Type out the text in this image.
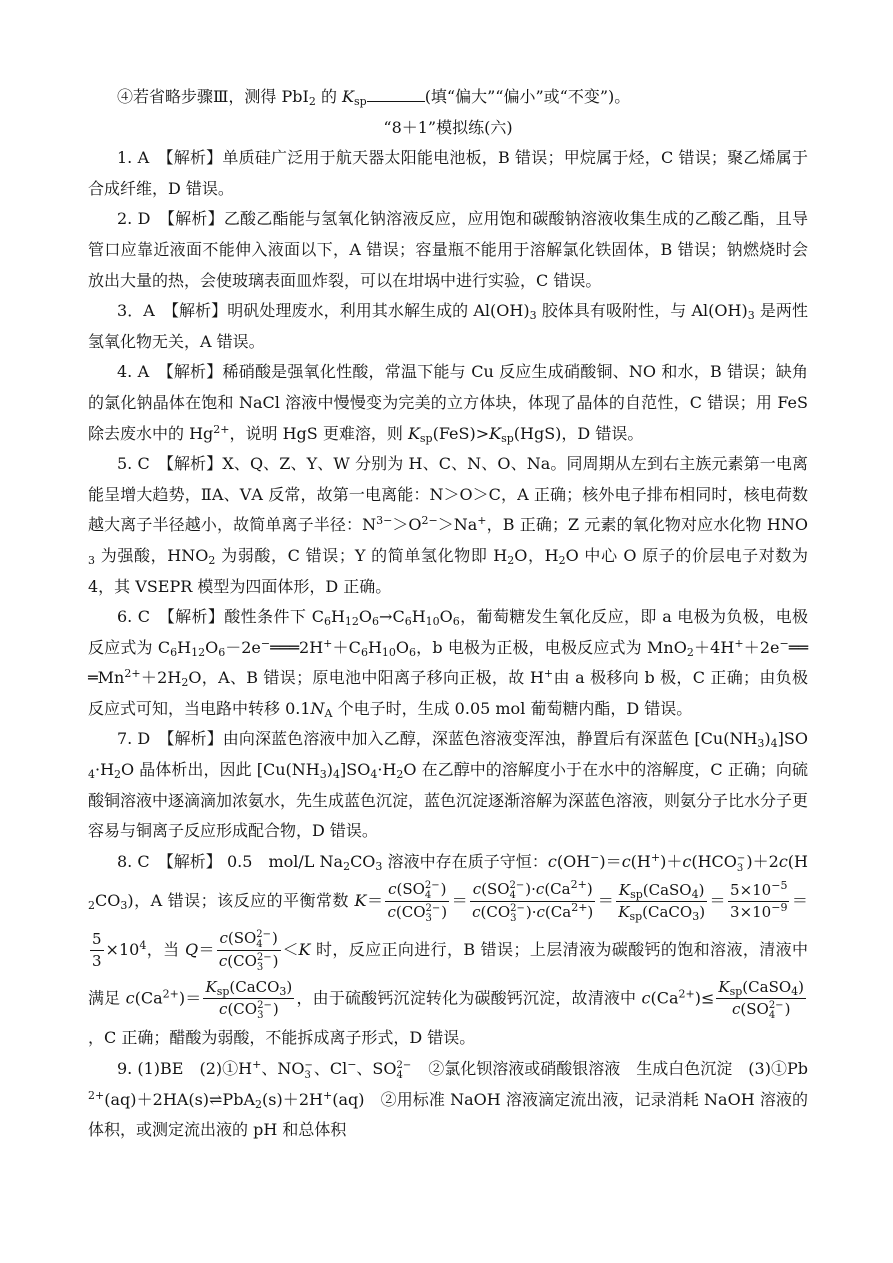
④若省略步骤Ⅲ，测得 PbI$_2$ 的 $K_{sp}$	(填“偏大”“偏小”或“不变”)。

“8＋1”模拟练(六)

1. A　【解析】单质硅广泛用于航天器太阳能电池板，B 错误；甲烷属于烃，C 错误；聚乙烯属于合成纤维，D 错误。

2. D　【解析】乙酸乙酯能与氢氧化钠溶液反应，应用饱和碳酸钠溶液收集生成的乙酸乙酯，且导管口应靠近液面不能伸入液面以下，A 错误；容量瓶不能用于溶解氯化铁固体，B 错误；钠燃烧时会放出大量的热，会使玻璃表面皿炸裂，可以在坩埚中进行实验，C 错误。

3．A　【解析】明矾处理废水，利用其水解生成的 $Al(OH)_3$ 胶体具有吸附性，与 $Al(OH)_3$ 是两性氢氧化物无关，A 错误。

4. A　【解析】稀硝酸是强氧化性酸，常温下能与 Cu 反应生成硝酸铜、NO 和水，B 错误；缺角的氯化钠晶体在饱和 NaCl 溶液中慢慢变为完美的立方体块，体现了晶体的自范性，C 错误；用 FeS 除去废水中的 $Hg^{2+}$，说明 HgS 更难溶，则 $K_{sp}(FeS)>K_{sp}(HgS)$，D 错误。

5. C　【解析】X、Q、Z、Y、W 分别为 H、C、N、O、Na。同周期从左到右主族元素第一电离能呈增大趋势，ⅡA、ⅤA 反常，故第一电离能：N＞O＞C，A 正确；核外电子排布相同时，核电荷数越大离子半径越小，故简单离子半径：$N^{3-}>O^{2-}>Na^+$，B 正确；Z 元素的氧化物对应水化物 $HNO_3$ 为强酸，$HNO_2$ 为弱酸，C 错误；Y 的简单氢化物即 $H_2O$，$H_2O$ 中心 O 原子的价层电子对数为 4，其 VSEPR 模型为四面体形，D 正确。

6. C　【解析】酸性条件下 $C_6H_{12}O_6\to C_6H_{10}O_6$，葡萄糖发生氧化反应，即 a 电极为负极，电极反应式为 $C_6H_{12}O_6-2e^-═══2H^++C_6H_{10}O_6$，b 电极为正极，电极反应式为 $MnO_2+4H^++2e^-═══Mn^{2+}+2H_2O$，A、B 错误；原电池中阳离子移向正极，故 H+由 a 极移向 b 极，C 正确；由负极反应式可知，当电路中转移 $0.1N_A$ 个电子时，生成 0.05 mol 葡萄糖内酯，D 错误。

7. D　【解析】由向深蓝色溶液中加入乙醇，深蓝色溶液变浑浊，静置后有深蓝色 $[Cu(NH_3)_4]SO_4\cdot H_2O$ 晶体析出，因此 $[Cu(NH_3)_4]SO_4\cdot H_2O$ 在乙醇中的溶解度小于在水中的溶解度，C 正确；向硫酸铜溶液中逐滴滴加浓氨水，先生成蓝色沉淀，蓝色沉淀逐渐溶解为深蓝色溶液，则氨分子比水分子更容易与铜离子反应形成配合物，D 错误。

8. C　【解析】 0.5　mol/L $Na_2CO_3$ 溶液中存在质子守恒：c(OH−)＝c(H+)＋c(HCO −
3 )$+2c(H_2CO_3)$，A 错误；该反应的平衡常数 K＝ c(SO 2−
4 )
c(CO 2−
3 ) ＝ c(SO 2−
4 )$\cdot c(Ca^{2+})$
c(CO 2−
3 )$\cdot c(Ca^{2+}) = \frac{K_{sp}(CaSO_4)}{K_{sp}(CaCO_3)} = \frac{5\times 10^{-5}}{3\times 10^{-9}}$ ＝
$\frac{5}{3} \times 10^4$，当 Q＝ c(SO 2−
4 )
c(CO 2−
3 ) ＜K 时，反应正向进行，B 错误；上层清液为碳酸钙的饱和溶液，清液中满足 $c(Ca^{2+})=$ $K_{sp}(CaCO_3)$
c(CO 2−
3 ) ，由于硫酸钙沉淀转化为碳酸钙沉淀，故清液中 $c(Ca^{2+})\le$ $K_{sp}(CaSO_4)$
c(SO 2−
4 )
，C 正确；醋酸为弱酸，不能拆成离子形式，D 错误。

9. (1)BE　(2)①H+、NO −
3 、Cl−、SO 2−
4 　②氯化钡溶液或硝酸银溶液　生成白色沉淀　$(3)①Pb^{2+}(aq)+2HA(s)\rightleftharpoons PbA_2(s)+2H^+(aq)$　②用标准 NaOH 溶液滴定流出液，记录消耗 NaOH 溶液的体积，或测定流出液的 pH 和总体积
